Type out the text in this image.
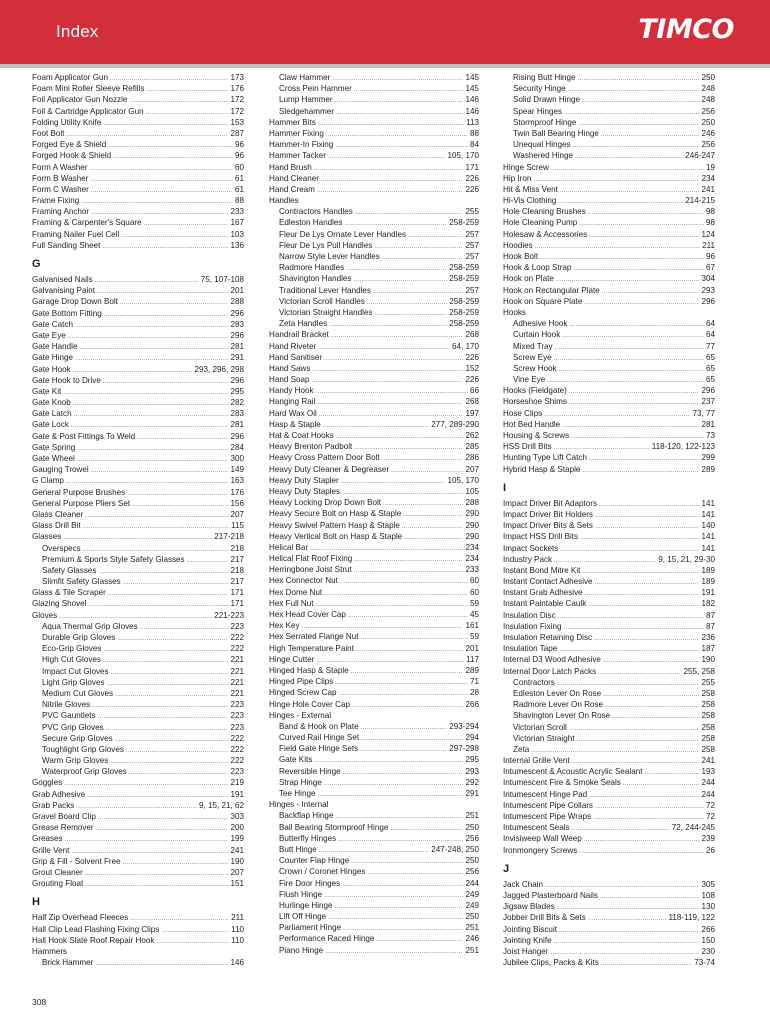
Index	TIMCO
Foam Applicator Gun .....	173
Foam Mini Roller Sleeve Refills .....	176
Foil Applicator Gun Nozzle .....	172
Foil & Cartridge Applicator Gun .....	172
Folding Utility Knife .....	153
Foot Bolt .....	287
Forged Eye & Shield .....	96
Forged Hook & Shield .....	96
Form A Washer .....	60
Form B Washer .....	61
Form C Washer .....	61
Frame Fixing .....	88
Framing Anchor .....	233
Framing & Carpenter's Square .....	167
Framing Nailer Fuel Cell .....	103
Full Sanding Sheet .....	136
G
Galvanised Nails .....	75, 107-108
Galvanising Paint .....	201
Garage Drop Down Bolt .....	288
Gate Bottom Fitting .....	296
Gate Catch .....	283
Gate Eye .....	296
Gate Handle .....	281
Gate Hinge .....	291
Gate Hook .....	293, 296, 298
Gate Hook to Drive .....	296
Gate Kit .....	295
Gate Knob .....	282
Gate Latch .....	283
Gate Lock .....	281
Gate & Post Fittings To Weld .....	296
Gate Spring .....	284
Gate Wheel .....	300
Gauging Trowel .....	149
G Clamp .....	163
General Purpose Brushes .....	176
General Purpose Pliers Set .....	156
Glass Cleaner .....	207
Glass Drill Bit .....	115
Glasses .....	217-218
Overspecs .....	218
Premium & Sports Style Safety Glasses .....	217
Safety Glasses .....	218
Slimfit Safety Glasses .....	217
Glass & Tile Scraper .....	171
Glazing Shovel .....	171
Gloves .....	221-223
Aqua Thermal Grip Gloves .....	223
Durable Grip Gloves .....	222
Eco-Grip Gloves .....	222
High Cut Gloves .....	221
Impact Cut Gloves .....	221
Light Grip Gloves .....	221
Medium Cut Gloves .....	221
Nitrile Gloves .....	223
PVC Gauntlets .....	223
PVC Grip Gloves .....	223
Secure Grip Gloves .....	222
Toughlight Grip Gloves .....	222
Warm Grip Gloves .....	222
Waterproof Grip Gloves .....	223
Goggles .....	219
Grab Adhesive .....	191
Grab Packs .....	9, 15, 21, 62
Gravel Board Clip .....	303
Grease Remover .....	200
Greases .....	199
Grille Vent .....	241
Grip & Fill - Solvent Free .....	190
Grout Cleaner .....	207
Grouting Float .....	151
H
Half Zip Overhead Fleeces .....	211
Hall Clip Lead Flashing Fixing Clips .....	110
Hall Hook Slate Roof Repair Hook .....	110
Hammers
Brick Hammer .....	146
Claw Hammer .....	145
Cross Pein Hammer .....	145
Lump Hammer .....	146
Sledgehammer .....	146
Hammer Bits .....	113
Hammer Fixing .....	88
Hammer-In Fixing .....	84
Hammer Tacker .....	105, 170
Hand Brush .....	171
Hand Cleaner .....	226
Hand Cream .....	226
Handles
Contractors Handles .....	255
Edleston Handles .....	258-259
Fleur De Lys Ornate Lever Handles .....	257
Fleur De Lys Pull Handles .....	257
Narrow Style Lever Handles .....	257
Radmore Handles .....	258-259
Shavington Handles .....	258-259
Traditional Lever Handles .....	257
Victorian Scroll Handles .....	258-259
Victorian Straight Handles .....	258-259
Zeta Handles .....	258-259
Handrail Bracket .....	268
Hand Riveter .....	64, 170
Hand Sanitiser .....	226
Hand Saws .....	152
Hand Soap .....	226
Handy Hook .....	66
Hanging Rail .....	268
Hard Wax Oil .....	197
Hasp & Staple .....	277, 289-290
Hat & Coat Hooks .....	262
Heavy Brenton Padbolt .....	285
Heavy Cross Pattern Door Bolt .....	286
Heavy Duty Cleaner & Degreaser .....	207
Heavy Duty Stapler .....	105, 170
Heavy Duty Staples .....	105
Heavy Locking Drop Down Bolt .....	288
Heavy Secure Bolt on Hasp & Staple .....	290
Heavy Swivel Pattern Hasp & Staple .....	290
Heavy Vertical Bolt on Hasp & Staple .....	290
Helical Bar .....	234
Helical Flat Roof Fixing .....	234
Herringbone Joist Strut .....	233
Hex Connector Nut .....	60
Hex Dome Nut .....	60
Hex Full Nut .....	59
Hex Head Cover Cap .....	45
Hex Key .....	161
Hex Serrated Flange Nut .....	59
High Temperature Paint .....	201
Hinge Cutter .....	117
Hinged Hasp & Staple .....	289
Hinged Pipe Clips .....	71
Hinged Screw Cap .....	28
Hinge Hole Cover Cap .....	266
Hinges - External
Band & Hook on Plate .....	293-294
Curved Rail Hinge Set .....	294
Field Gate Hinge Sets .....	297-298
Gate Kits .....	295
Reversible Hinge .....	293
Strap Hinge .....	292
Tee Hinge .....	291
Hinges - Internal
Backflap Hinge .....	251
Ball Bearing Stormproof Hinge .....	250
Butterfly Hinges .....	256
Butt Hinge .....	247-248, 250
Counter Flap Hinge .....	250
Crown / Coronet Hinges .....	256
Fire Door Hinges .....	244
Flush Hinge .....	249
Hurlinge Hinge .....	249
Lift Off Hinge .....	250
Parliament Hinge .....	251
Performance Raced Hinge .....	246
Piano Hinge .....	251
Rising Butt Hinge .....	250
Security Hinge .....	248
Solid Drawn Hinge .....	248
Spear Hinges .....	256
Stormproof Hinge .....	250
Twin Ball Bearing Hinge .....	246
Unequal Hinges .....	256
Washered Hinge .....	246-247
Hinge Screw .....	19
Hip Iron .....	234
Hit & Miss Vent .....	241
Hi-Vis Clothing .....	214-215
Hole Cleaning Brushes .....	98
Hole Cleaning Pump .....	98
Holesaw & Accessories .....	124
Hoodies .....	211
Hook Bolt .....	96
Hook & Loop Strap .....	67
Hook on Plate .....	304
Hook on Rectangular Plate .....	293
Hook on Square Plate .....	296
Hooks
Adhesive Hook .....	64
Curtain Hook .....	64
Mixed Tray .....	77
Screw Eye .....	65
Screw Hook .....	65
Vine Eye .....	65
Hooks (Fieldgate) .....	296
Horseshoe Shims .....	237
Hose Clips .....	73, 77
Hot Bed Handle .....	281
Housing & Screws .....	73
HSS Drill Bits .....	118-120, 122-123
Hunting Type Lift Catch .....	299
Hybrid Hasp & Staple .....	289
I
Impact Driver Bit Adaptors .....	141
Impact Driver Bit Holders .....	141
Impact Driver Bits & Sets .....	140
Impact HSS Drill Bits .....	141
Impact Sockets .....	141
Industry Pack .....	9, 15, 21, 29-30
Instant Bond Mitre Kit .....	189
Instant Contact Adhesive .....	189
Instant Grab Adhesive .....	191
Instant Paintable Caulk .....	182
Insulation Disc .....	87
Insulation Fixing .....	87
Insulation Retaining Disc .....	236
Insulation Tape .....	187
Internal D3 Wood Adhesive .....	190
Internal Door Latch Packs .....	255, 258
Contractors .....	255
Edleston Lever On Rose .....	258
Radmore Lever On Rose .....	258
Shavington Lever On Rose .....	258
Victorian Scroll .....	258
Victorian Straight .....	258
Zeta .....	258
Internal Grille Vent .....	241
Intumescent & Acoustic Acrylic Sealant .....	193
Intumescent Fire & Smoke Seals .....	244
Intumescent Hinge Pad .....	244
Intumescent Pipe Collars .....	72
Intumescent Pipe Wraps .....	72
Intumescent Seals .....	72, 244-245
Invisiweep Wall Weep .....	239
Ironmongery Screws .....	26
J
Jack Chain .....	305
Jagged Plasterboard Nails .....	108
Jigsaw Blades .....	130
Jobber Drill Bits & Sets .....	118-119, 122
Jointing Biscuit .....	266
Jointing Knife .....	150
Joist Hanger .....	230
Jubilee Clips, Packs & Kits .....	73-74
308
